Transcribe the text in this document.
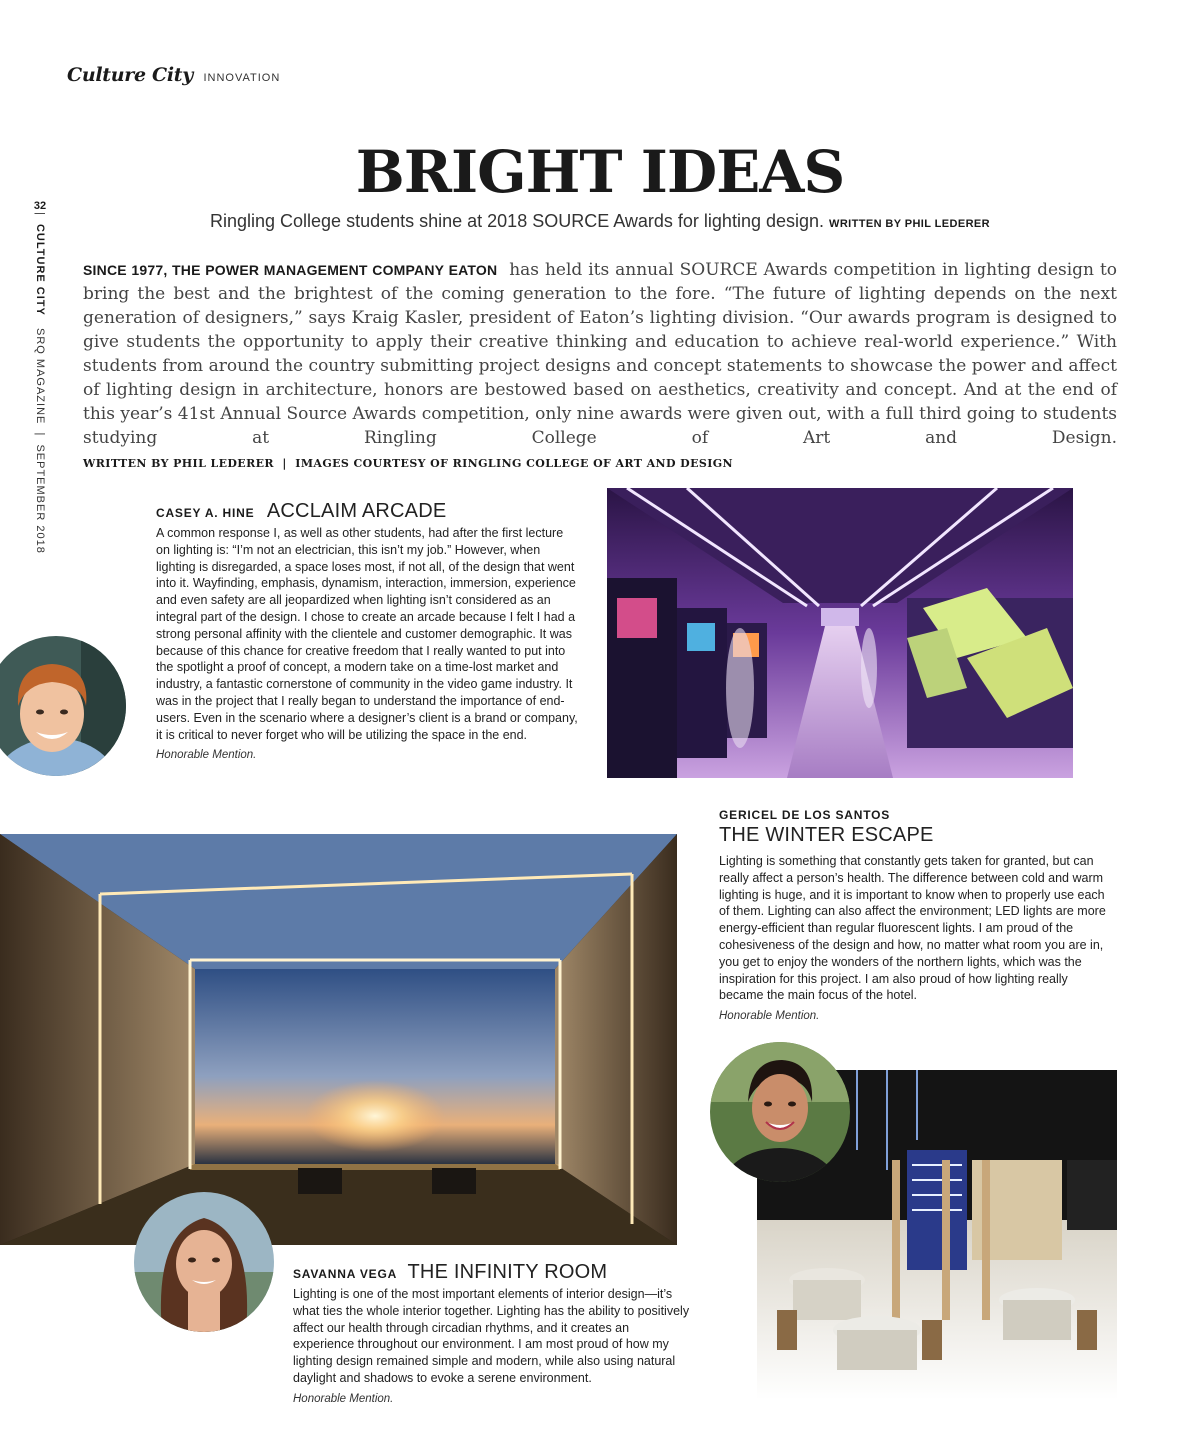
Culture City INNOVATION
32
|  CULTURE CITY   SRQ MAGAZINE  |  SEPTEMBER 2018
BRIGHT IDEAS
Ringling College students shine at 2018 SOURCE Awards for lighting design. WRITTEN BY PHIL LEDERER
SINCE 1977, THE POWER MANAGEMENT COMPANY EATON has held its annual SOURCE Awards competition in lighting design to bring the best and the brightest of the coming generation to the fore. “The future of lighting depends on the next generation of designers,” says Kraig Kasler, president of Eaton’s lighting division. “Our awards program is designed to give students the opportunity to apply their creative thinking and education to achieve real-world experience.” With students from around the country submitting project designs and concept statements to showcase the power and affect of lighting design in architecture, honors are bestowed based on aesthetics, creativity and concept. And at the end of this year’s 41st Annual Source Awards competition, only nine awards were given out, with a full third going to students studying at Ringling College of Art and Design. WRITTEN BY PHIL LEDERER  |  IMAGES COURTESY OF RINGLING COLLEGE OF ART AND DESIGN
CASEY A. HINE ACCLAIM ARCADE
A common response I, as well as other students, had after the first lecture on lighting is: “I’m not an electrician, this isn’t my job.” However, when lighting is disregarded, a space loses most, if not all, of the design that went into it. Wayfinding, emphasis, dynamism, interaction, immersion, experience and even safety are all jeopardized when lighting isn’t considered as an integral part of the design. I chose to create an arcade because I felt I had a strong personal affinity with the clientele and customer demographic. It was because of this chance for creative freedom that I really wanted to put into the spotlight a proof of concept, a modern take on a time-lost market and industry, a fantastic cornerstone of community in the video game industry. It was in the project that I really began to understand the importance of end-users. Even in the scenario where a designer’s client is a brand or company, it is critical to never forget who will be utilizing the space in the end.
Honorable Mention.
GERICEL DE LOS SANTOS
THE WINTER ESCAPE
Lighting is something that constantly gets taken for granted, but can really affect a person’s health. The difference between cold and warm lighting is huge, and it is important to know when to properly use each of them. Lighting can also affect the environment; LED lights are more energy-efficient than regular fluorescent lights. I am proud of the cohesiveness of the design and how, no matter what room you are in, you get to enjoy the wonders of the northern lights, which was the inspiration for this project. I am also proud of how lighting really became the main focus of the hotel.
Honorable Mention.
SAVANNA VEGA THE INFINITY ROOM
Lighting is one of the most important elements of interior design—it’s what ties the whole interior together. Lighting has the ability to positively affect our health through circadian rhythms, and it creates an experience throughout our environment. I am most proud of how my lighting design remained simple and modern, while also using natural daylight and shadows to evoke a serene environment.
Honorable Mention.
